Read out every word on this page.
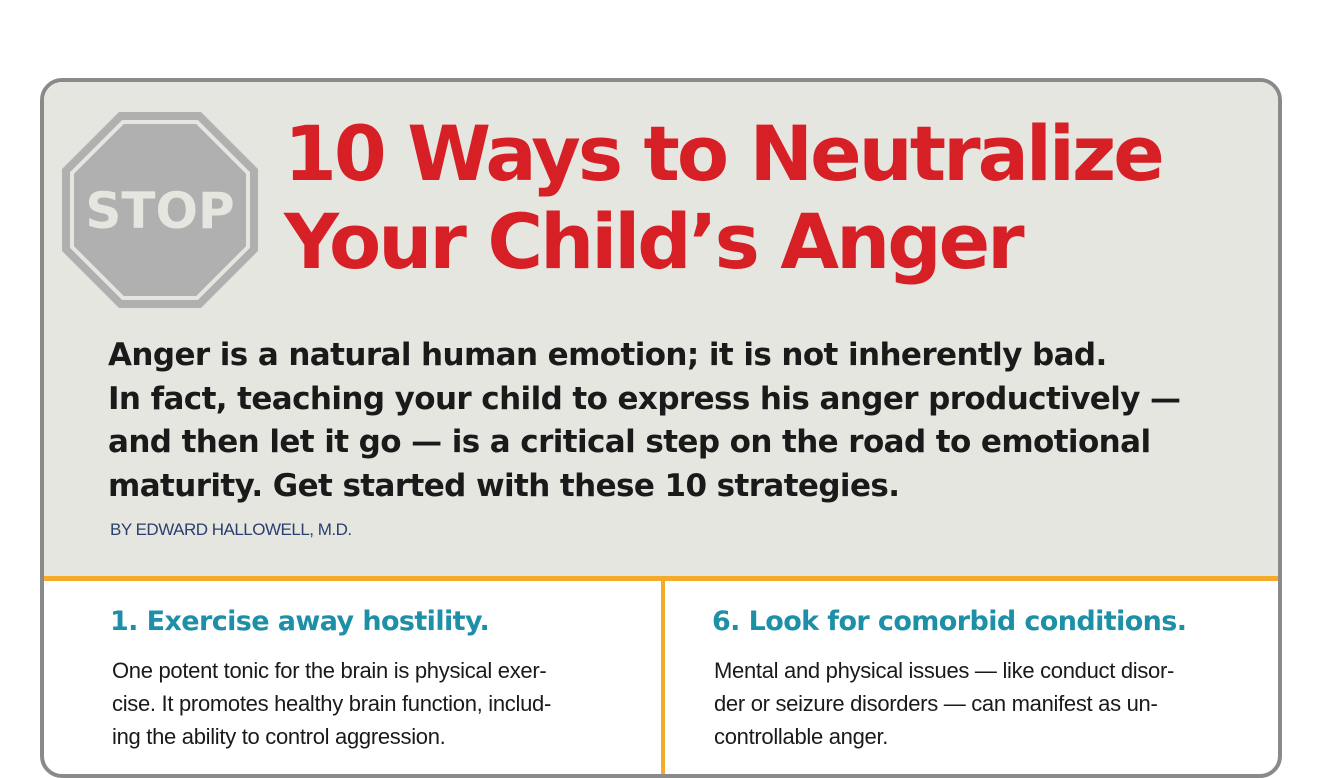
STOP
10 Ways to Neutralize
Your Child’s Anger

Anger is a natural human emotion; it is not inherently bad.
In fact, teaching your child to express his anger productively —
and then let it go — is a critical step on the road to emotional
maturity. Get started with these 10 strategies.

BY EDWARD HALLOWELL, M.D.

1. Exercise away hostility.

One potent tonic for the brain is physical exer-
cise. It promotes healthy brain function, includ-
ing the ability to control aggression.

6. Look for comorbid conditions.

Mental and physical issues — like conduct disor-
der or seizure disorders — can manifest as un-
controllable anger.
